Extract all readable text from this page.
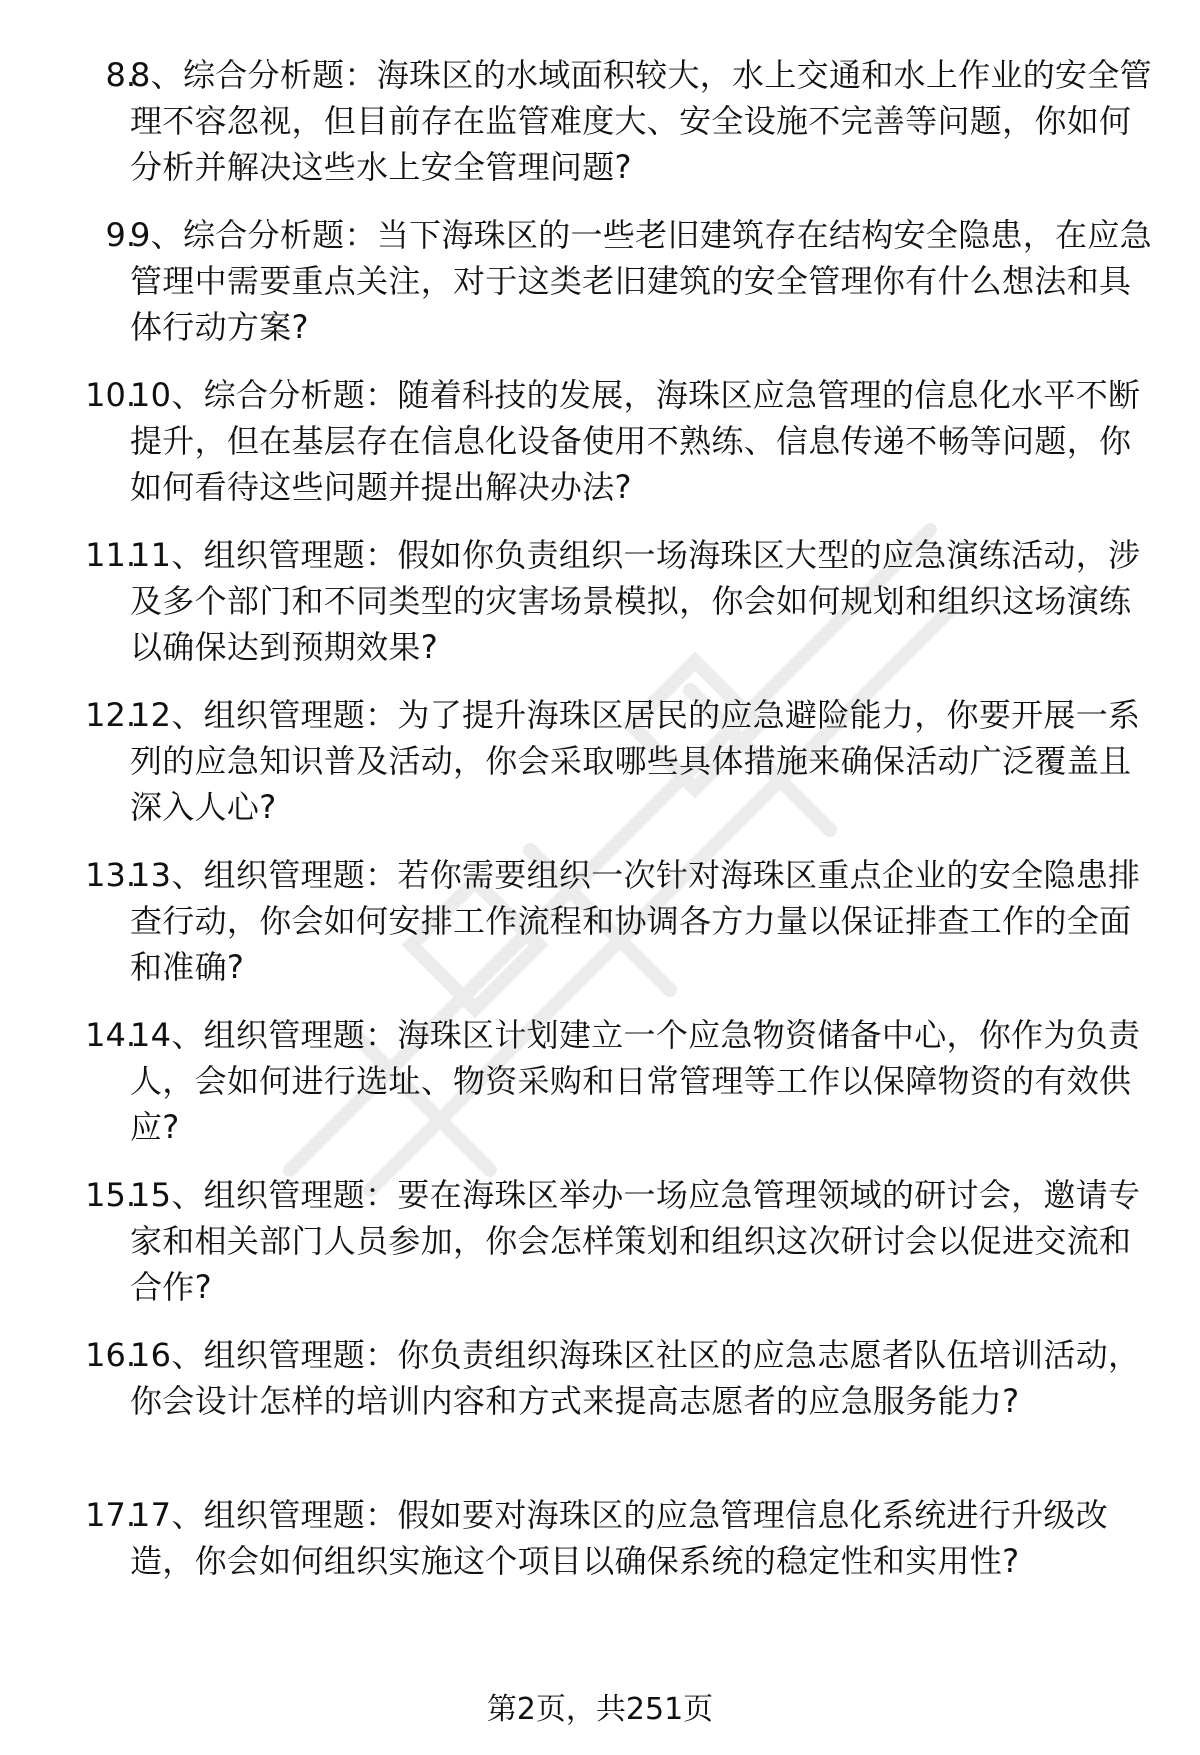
8.
8、综合分析题：海珠区的水域面积较大，水上交通和水上作业的安全管理不容忽视，但目前存在监管难度大、安全设施不完善等问题，你如何分析并解决这些水上安全管理问题?
9.
9、综合分析题：当下海珠区的一些老旧建筑存在结构安全隐患，在应急管理中需要重点关注，对于这类老旧建筑的安全管理你有什么想法和具体行动方案?
10.
10、综合分析题：随着科技的发展，海珠区应急管理的信息化水平不断提升，但在基层存在信息化设备使用不熟练、信息传递不畅等问题，你如何看待这些问题并提出解决办法?
11.
11、组织管理题：假如你负责组织一场海珠区大型的应急演练活动，涉及多个部门和不同类型的灾害场景模拟，你会如何规划和组织这场演练以确保达到预期效果?
12.
12、组织管理题：为了提升海珠区居民的应急避险能力，你要开展一系列的应急知识普及活动，你会采取哪些具体措施来确保活动广泛覆盖且深入人心?
13.
13、组织管理题：若你需要组织一次针对海珠区重点企业的安全隐患排查行动，你会如何安排工作流程和协调各方力量以保证排查工作的全面和准确?
14.
14、组织管理题：海珠区计划建立一个应急物资储备中心，你作为负责人，会如何进行选址、物资采购和日常管理等工作以保障物资的有效供应?
15.
15、组织管理题：要在海珠区举办一场应急管理领域的研讨会，邀请专家和相关部门人员参加，你会怎样策划和组织这次研讨会以促进交流和合作?
16.
16、组织管理题：你负责组织海珠区社区的应急志愿者队伍培训活动，你会设计怎样的培训内容和方式来提高志愿者的应急服务能力?
17.
17、组织管理题：假如要对海珠区的应急管理信息化系统进行升级改造，你会如何组织实施这个项目以确保系统的稳定性和实用性?
第2页，共251页
